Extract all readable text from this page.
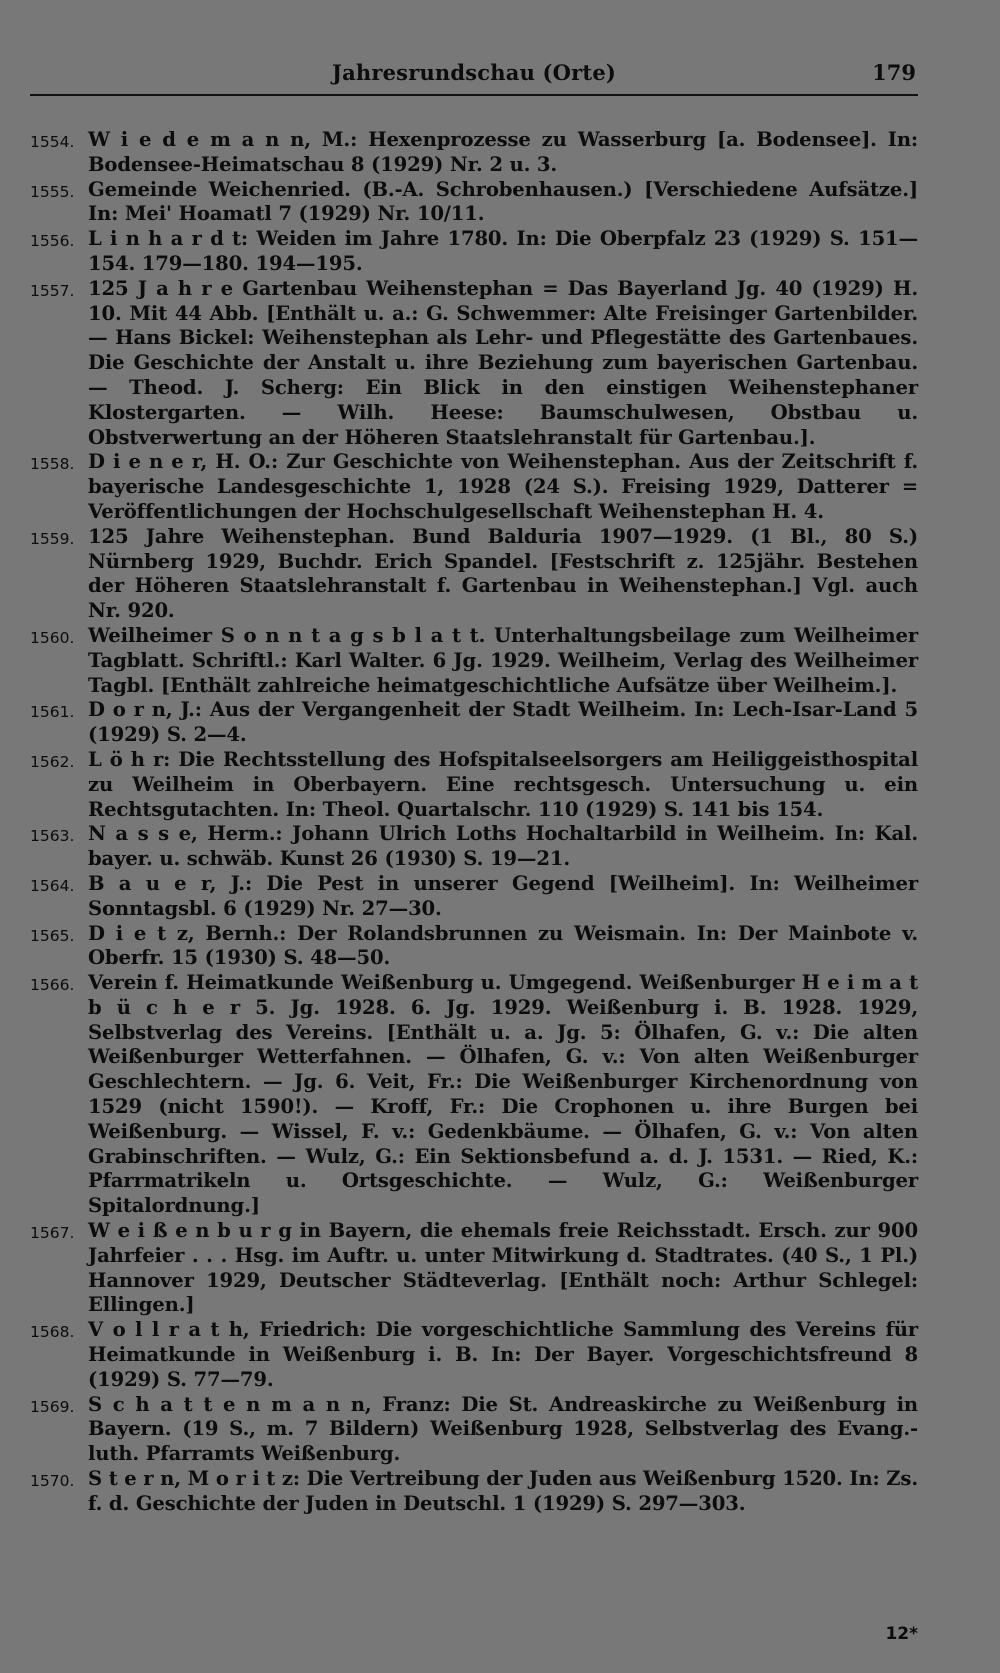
Jahresrundschau (Orte)	179
1554. W i e d e m a n n, M.: Hexenprozesse zu Wasserburg [a. Bodensee]. In: Bodensee-Heimatschau 8 (1929) Nr. 2 u. 3.
1555. Gemeinde Weichenried. (B.-A. Schrobenhausen.) [Verschiedene Aufsätze.] In: Mei' Hoamatl 7 (1929) Nr. 10/11.
1556. L i n h a r d t: Weiden im Jahre 1780. In: Die Oberpfalz 23 (1929) S. 151—154. 179—180. 194—195.
1557. 125 J a h r e Gartenbau Weihenstephan = Das Bayerland Jg. 40 (1929) H. 10. Mit 44 Abb. [Enthält u. a.: G. Schwemmer: Alte Freisinger Gartenbilder. — Hans Bickel: Weihenstephan als Lehr- und Pflegestätte des Gartenbaues. Die Geschichte der Anstalt u. ihre Beziehung zum bayerischen Gartenbau. — Theod. J. Scherg: Ein Blick in den einstigen Weihenstephaner Klostergarten. — Wilh. Heese: Baumschulwesen, Obstbau u. Obstverwertung an der Höheren Staatslehranstalt für Gartenbau.].
1558. D i e n e r, H. O.: Zur Geschichte von Weihenstephan. Aus der Zeitschrift f. bayerische Landesgeschichte 1, 1928 (24 S.). Freising 1929, Datterer = Veröffentlichungen der Hochschulgesellschaft Weihenstephan H. 4.
1559. 125 Jahre Weihenstephan. Bund Balduria 1907—1929. (1 Bl., 80 S.) Nürnberg 1929, Buchdr. Erich Spandel. [Festschrift z. 125jähr. Bestehen der Höheren Staatslehranstalt f. Gartenbau in Weihenstephan.] Vgl. auch Nr. 920.
1560. Weilheimer S o n n t a g s b l a t t. Unterhaltungsbeilage zum Weilheimer Tagblatt. Schriftl.: Karl Walter. 6 Jg. 1929. Weilheim, Verlag des Weilheimer Tagbl. [Enthält zahlreiche heimatgeschichtliche Aufsätze über Weilheim.].
1561. D o r n, J.: Aus der Vergangenheit der Stadt Weilheim. In: Lech-Isar-Land 5 (1929) S. 2—4.
1562. L ö h r: Die Rechtsstellung des Hofspitalseelsorgers am Heiliggeisthospital zu Weilheim in Oberbayern. Eine rechtsgesch. Untersuchung u. ein Rechtsgutachten. In: Theol. Quartalschr. 110 (1929) S. 141 bis 154.
1563. N a s s e, Herm.: Johann Ulrich Loths Hochaltarbild in Weilheim. In: Kal. bayer. u. schwäb. Kunst 26 (1930) S. 19—21.
1564. B a u e r, J.: Die Pest in unserer Gegend [Weilheim]. In: Weilheimer Sonntagsbl. 6 (1929) Nr. 27—30.
1565. D i e t z, Bernh.: Der Rolandsbrunnen zu Weismain. In: Der Mainbote v. Oberfr. 15 (1930) S. 48—50.
1566. Verein f. Heimatkunde Weißenburg u. Umgegend. Weißenburger H e i m a t b ü c h e r 5. Jg. 1928. 6. Jg. 1929. Weißenburg i. B. 1928. 1929, Selbstverlag des Vereins. [Enthält u. a. Jg. 5: Ölhafen, G. v.: Die alten Weißenburger Wetterfahnen. — Ölhafen, G. v.: Von alten Weißenburger Geschlechtern. — Jg. 6. Veit, Fr.: Die Weißenburger Kirchenordnung von 1529 (nicht 1590!). — Kroff, Fr.: Die Crophonen u. ihre Burgen bei Weißenburg. — Wissel, F. v.: Gedenkbäume. — Ölhafen, G. v.: Von alten Grabinschriften. — Wulz, G.: Ein Sektionsbefund a. d. J. 1531. — Ried, K.: Pfarrmatrikeln u. Ortsgeschichte. — Wulz, G.: Weißenburger Spitalordnung.]
1567. W e i ß e n b u r g in Bayern, die ehemals freie Reichsstadt. Ersch. zur 900 Jahrfeier . . . Hsg. im Auftr. u. unter Mitwirkung d. Stadtrates. (40 S., 1 Pl.) Hannover 1929, Deutscher Städteverlag. [Enthält noch: Arthur Schlegel: Ellingen.]
1568. V o l l r a t h, Friedrich: Die vorgeschichtliche Sammlung des Vereins für Heimatkunde in Weißenburg i. B. In: Der Bayer. Vorgeschichtsfreund 8 (1929) S. 77—79.
1569. S c h a t t e n m a n n, Franz: Die St. Andreaskirche zu Weißenburg in Bayern. (19 S., m. 7 Bildern) Weißenburg 1928, Selbstverlag des Evang.-luth. Pfarramts Weißenburg.
1570. S t e r n, M o r i t z: Die Vertreibung der Juden aus Weißenburg 1520. In: Zs. f. d. Geschichte der Juden in Deutschl. 1 (1929) S. 297—303.
12*
